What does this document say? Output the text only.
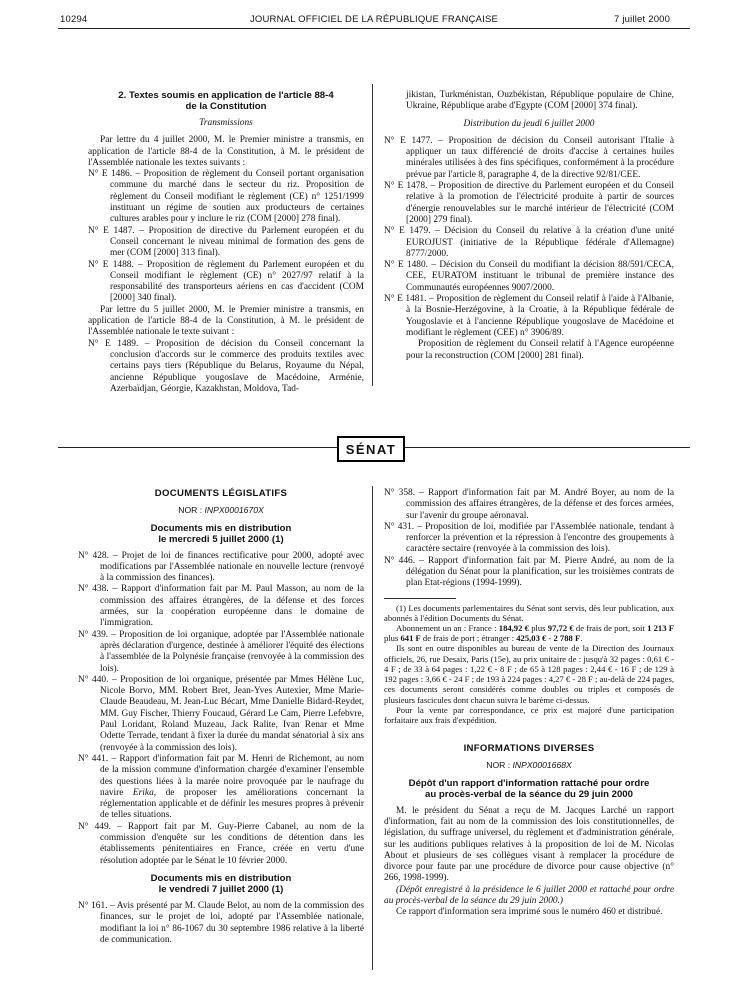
10294	JOURNAL OFFICIEL DE LA RÉPUBLIQUE FRANÇAISE	7 juillet 2000

2. Textes soumis en application de l'article 88-4

de la Constitution

Transmissions

Par lettre du 4 juillet 2000, M. le Premier ministre a transmis, en application de l'article 88-4 de la Constitution, à M. le président de l'Assemblée nationale les textes suivants :

N° E 1486. – Proposition de règlement du Conseil portant organisation commune du marché dans le secteur du riz. Proposition de règlement du Conseil modifiant le règlement (CE) n° 1251/1999 instituant un régime de soutien aux producteurs de certaines cultures arables pour y inclure le riz (COM [2000] 278 final).

N° E 1487. – Proposition de directive du Parlement européen et du Conseil concernant le niveau minimal de formation des gens de mer (COM [2000] 313 final).

N° E 1488. – Proposition de règlement du Parlement européen et du Conseil modifiant le règlement (CE) n° 2027/97 relatif à la responsabilité des transporteurs aériens en cas d'accident (COM [2000] 340 final).

Par lettre du 5 juillet 2000, M. le Premier ministre a transmis, en application de l'article 88-4 de la Constitution, à M. le président de l'Assemblée nationale le texte suivant :

N° E 1489. – Proposition de décision du Conseil concernant la conclusion d'accords sur le commerce des produits textiles avec certains pays tiers (République du Belarus, Royaume du Népal, ancienne République yougoslave de Macédoine, Arménie, Azerbaïdjan, Géorgie, Kazakhstan, Moldova, Tad-

jikistan, Turkménistan, Ouzbékistan, République populaire de Chine, Ukraine, République arabe d'Egypte (COM [2000] 374 final).

Distribution du jeudi 6 juillet 2000

N° E 1477. – Proposition de décision du Conseil autorisant l'Italie à appliquer un taux différencié de droits d'accise à certaines huiles minérales utilisées à des fins spécifiques, conformément à la procédure prévue par l'article 8, paragraphe 4, de la directive 92/81/CEE.

N° E 1478. – Proposition de directive du Parlement européen et du Conseil relative à la promotion de l'électricité produite à partir de sources d'énergie renouvelables sur le marché intérieur de l'électricité (COM [2000] 279 final).

N° E 1479. – Décision du Conseil du relative à la création d'une unité EUROJUST (initiative de la République fédérale d'Allemagne) 8777/2000.

N° E 1480. – Décision du Conseil du modifiant la décision 88/591/CECA, CEE, EURATOM instituant le tribunal de première instance des Communautés européennes 9007/2000.

N° E 1481. – Proposition de règlement du Conseil relatif à l'aide à l'Albanie, à la Bosnie-Herzégovine, à la Croatie, à la République fédérale de Yougoslavie et à l'ancienne République yougoslave de Macédoine et modifiant le règlement (CEE) n° 3906/89.

Proposition de règlement du Conseil relatif à l'Agence européenne pour la reconstruction (COM [2000] 281 final).

SÉNAT

DOCUMENTS LÉGISLATIFS

NOR : INPX0001670X

Documents mis en distribution

le mercredi 5 juillet 2000 (1)

N° 428. – Projet de loi de finances rectificative pour 2000, adopté avec modifications par l'Assemblée nationale en nouvelle lecture (renvoyé à la commission des finances).

N° 438. – Rapport d'information fait par M. Paul Masson, au nom de la commission des affaires étrangères, de la défense et des forces armées, sur la coopération européenne dans le domaine de l'immigration.

N° 439. – Proposition de loi organique, adoptée par l'Assemblée nationale après déclaration d'urgence, destinée à améliorer l'équité des élections à l'assemblée de la Polynésie française (renvoyée à la commission des lois).

N° 440. – Proposition de loi organique, présentée par Mmes Hélène Luc, Nicole Borvo, MM. Robert Bret, Jean-Yves Autexier, Mme Marie-Claude Beaudeau, M. Jean-Luc Bécart, Mme Danielle Bidard-Reydet, MM. Guy Fischer, Thierry Foucaud, Gérard Le Cam, Pierre Lefebvre, Paul Loridant, Roland Muzeau, Jack Ralite, Ivan Renar et Mme Odette Terrade, tendant à fixer la durée du mandat sénatorial à six ans (renvoyée à la commission des lois).

N° 441. – Rapport d'information fait par M. Henri de Richemont, au nom de la mission commune d'information chargée d'examiner l'ensemble des questions liées à la marée noire provoquée par le naufrage du navire Erika, de proposer les améliorations concernant la réglementation applicable et de définir les mesures propres à prévenir de telles situations.

N° 449. – Rapport fait par M. Guy-Pierre Cabanel, au nom de la commission d'enquête sur les conditions de détention dans les établissements pénitentiaires en France, créée en vertu d'une résolution adoptée par le Sénat le 10 février 2000.

Documents mis en distribution

le vendredi 7 juillet 2000 (1)

N° 161. – Avis présenté par M. Claude Belot, au nom de la commission des finances, sur le projet de loi, adopté par l'Assemblée nationale, modifiant la loi n° 86-1067 du 30 septembre 1986 relative à la liberté de communication.

N° 358. – Rapport d'information fait par M. André Boyer, au nom de la commission des affaires étrangères, de la défense et des forces armées, sur l'avenir du groupe aéronaval.

N° 431. – Proposition de loi, modifiée par l'Assemblée nationale, tendant à renforcer la prévention et la répression à l'encontre des groupements à caractère sectaire (renvoyée à la commission des lois).

N° 446. – Rapport d'information fait par M. Pierre André, au nom de la délégation du Sénat pour la planification, sur les troisièmes contrats de plan Etat-régions (1994-1999).

(1) Les documents parlementaires du Sénat sont servis, dès leur publication, aux abonnés à l'édition Documents du Sénat.

Abonnement un an : France : 184,92 € plus 97,72 € de frais de port, soit 1 213 F plus 641 F de frais de port ; étranger : 425,03 € - 2 788 F.

Ils sont en outre disponibles au bureau de vente de la Direction des Journaux officiels, 26, rue Desaix, Paris (15e), au prix unitaire de : jusqu'à 32 pages : 0,61 € - 4 F ; de 33 à 64 pages : 1,22 € - 8 F ; de 65 à 128 pages : 2,44 € - 16 F ; de 129 à 192 pages : 3,66 € - 24 F ; de 193 à 224 pages : 4,27 € - 28 F ; au-delà de 224 pages, ces documents seront considérés comme doubles ou triples et composés de plusieurs fascicules dont chacun suivra le barème ci-dessus.

Pour la vente par correspondance, ce prix est majoré d'une participation forfaitaire aux frais d'expédition.

INFORMATIONS DIVERSES

NOR : INPX0001668X

Dépôt d'un rapport d'information rattaché pour ordre

au procès-verbal de la séance du 29 juin 2000

M. le président du Sénat a reçu de M. Jacques Larché un rapport d'information, fait au nom de la commission des lois constitutionnelles, de législation, du suffrage universel, du règlement et d'administration générale, sur les auditions publiques relatives à la proposition de loi de M. Nicolas About et plusieurs de ses collègues visant à remplacer la procédure de divorce pour faute par une procédure de divorce pour cause objective (n° 266, 1998-1999).

(Dépôt enregistré à la présidence le 6 juillet 2000 et rattaché pour ordre au procès-verbal de la séance du 29 juin 2000.)

Ce rapport d'information sera imprimé sous le numéro 460 et distribué.
